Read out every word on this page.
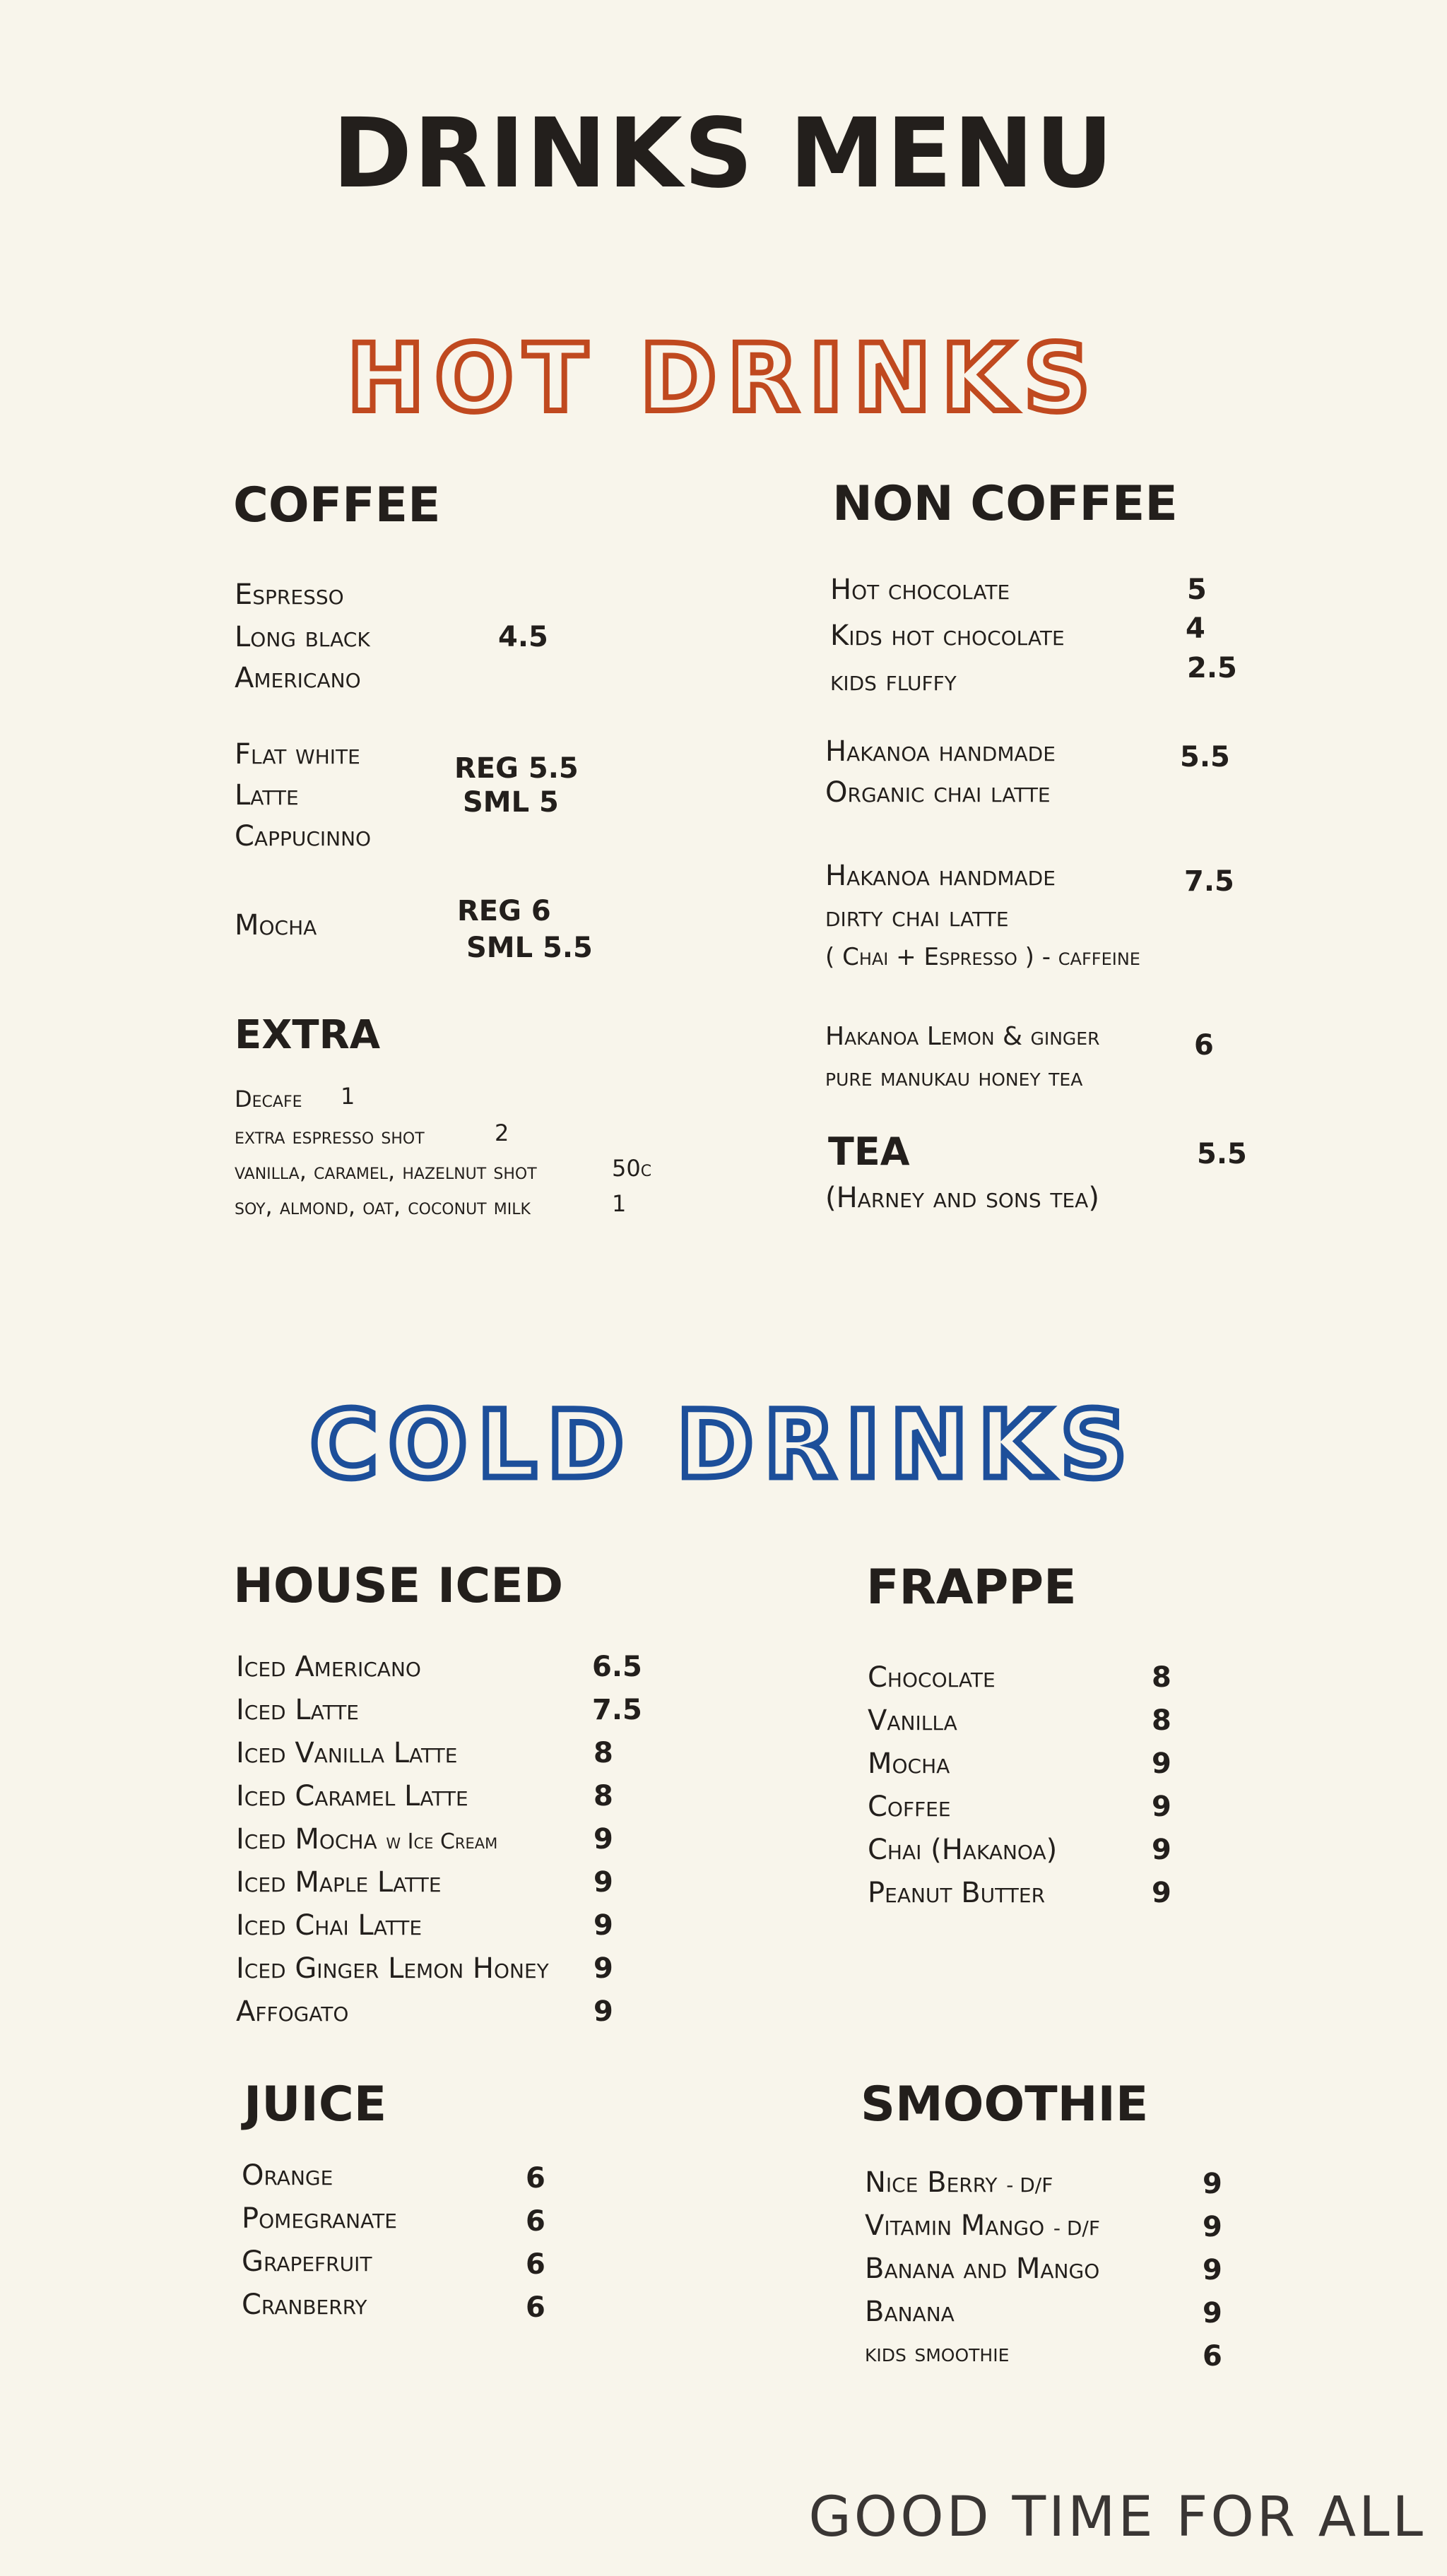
DRINKS MENU
HOT DRINKS
COFFEE
Espresso
Long black
Americano
4.5
Flat white
Latte
Cappucinno
REG 5.5
SML 5
Mocha	REG 6
SML 5.5
EXTRA
Decafe 1
extra espresso shot	2
vanilla, caramel, hazelnut shot	50c
soy, almond, oat, coconut milk	1
NON COFFEE
Hot chocolate	5
Kids hot chocolate	4
kids fluffy	2.5
Hakanoa handmade
Organic chai latte
5.5
Hakanoa handmade
dirty chai latte
( Chai + Espresso ) - caffeine
7.5
Hakanoa Lemon & ginger
pure manukau honey tea
6
TEA
(Harney and sons tea)
5.5
COLD DRINKS
HOUSE ICED
Iced Americano	6.5
Iced Latte	7.5
Iced Vanilla Latte	8
Iced Caramel Latte	8
Iced Mocha w Ice Cream	9
Iced Maple Latte	9
Iced Chai Latte	9
Iced Ginger Lemon Honey 9
Affogato	9
FRAPPE
Chocolate	8
Vanilla	8
Mocha	9
Coffee	9
Chai (Hakanoa)	9
Peanut Butter	9
JUICE
Orange	6
Pomegranate	6
Grapefruit	6
Cranberry	6
SMOOTHIE
Nice Berry - D/F	9
Vitamin Mango - D/F	9
Banana and Mango	9
Banana	9
kids smoothie	6
GOOD TIME FOR ALL
